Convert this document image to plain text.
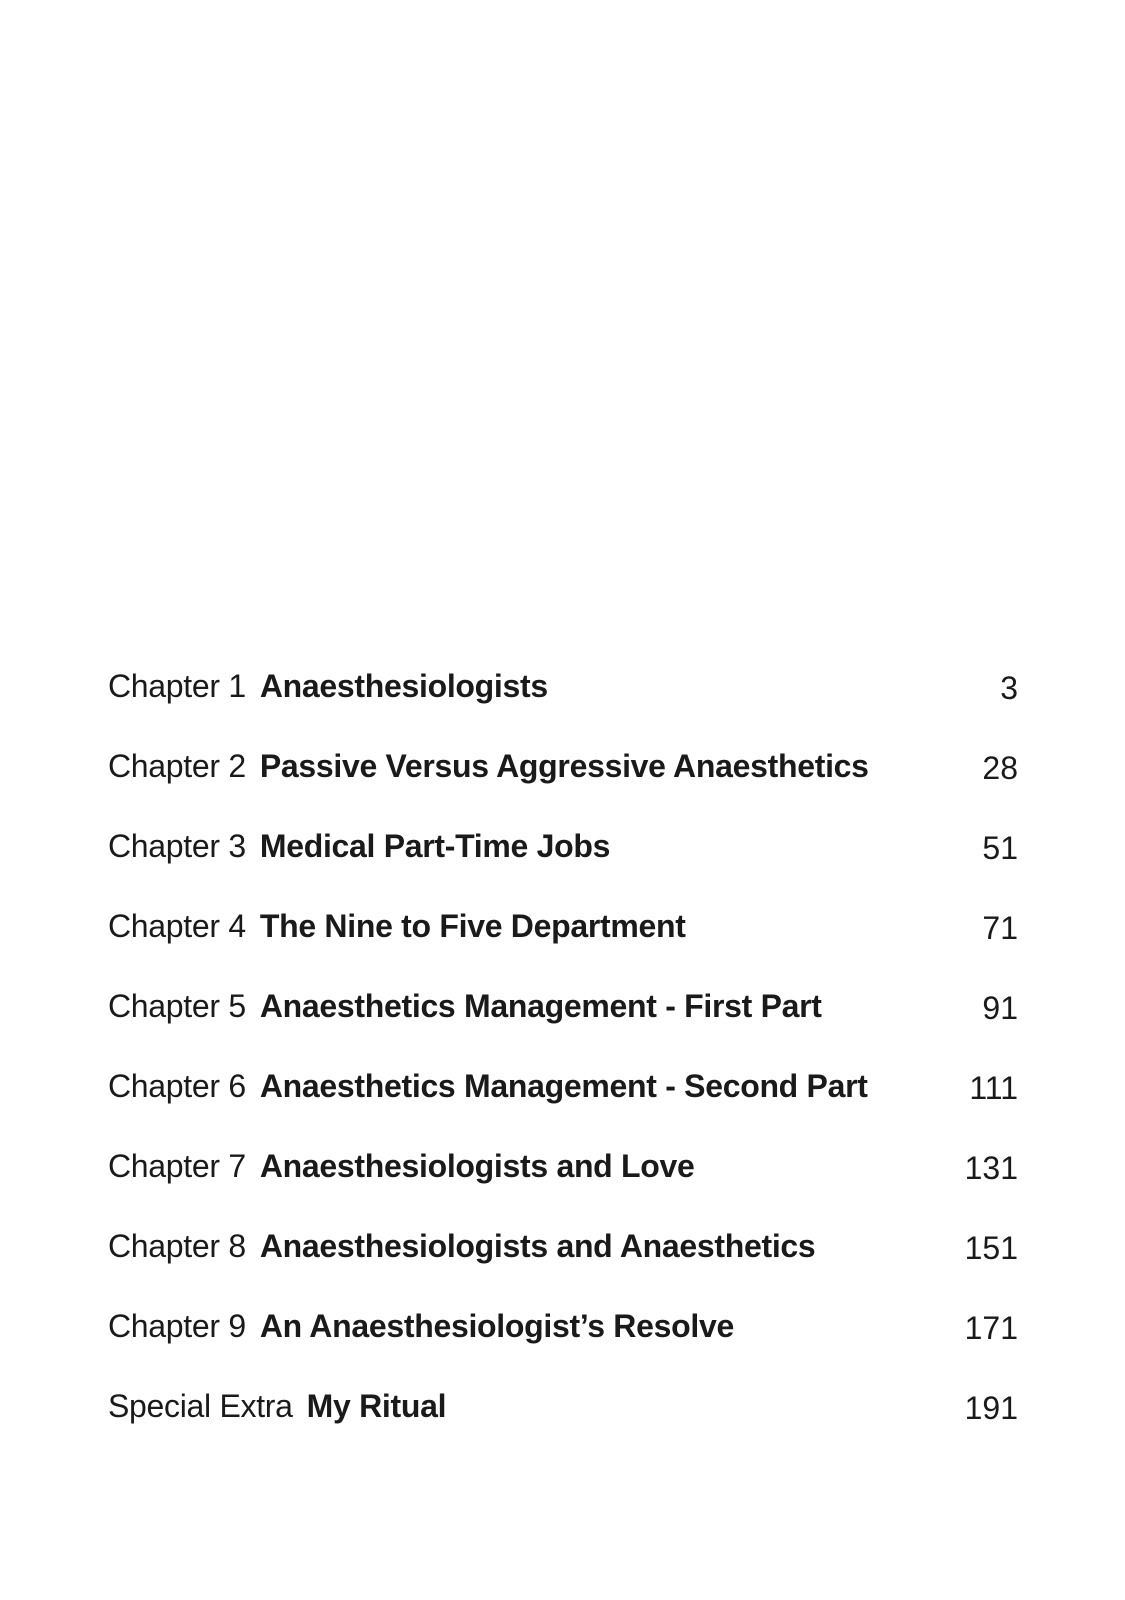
Chapter 1 Anaesthesiologists	3
Chapter 2 Passive Versus Aggressive Anaesthetics	28
Chapter 3 Medical Part-Time Jobs	51
Chapter 4 The Nine to Five Department	71
Chapter 5 Anaesthetics Management - First Part	91
Chapter 6 Anaesthetics Management - Second Part	111
Chapter 7 Anaesthesiologists and Love	131
Chapter 8 Anaesthesiologists and Anaesthetics	151
Chapter 9 An Anaesthesiologist’s Resolve	171
Special Extra My Ritual	191
